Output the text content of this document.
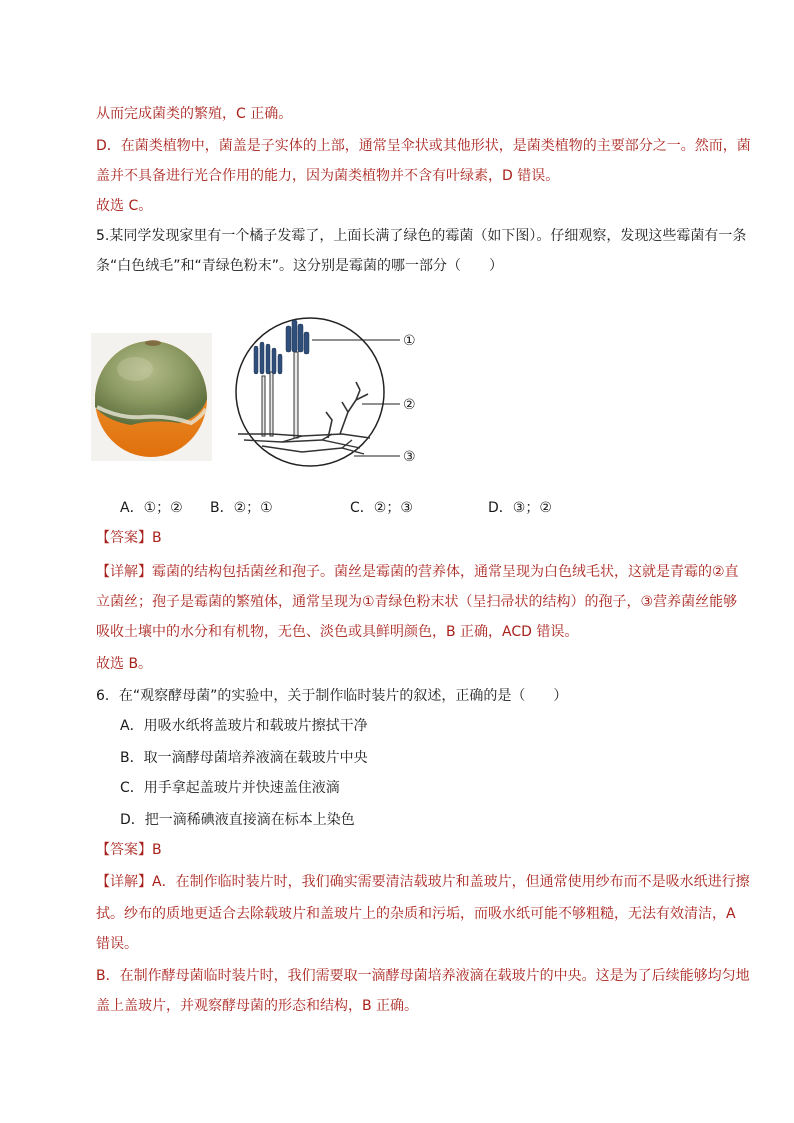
从而完成菌类的繁殖，C 正确。
D．在菌类植物中，菌盖是子实体的上部，通常呈伞状或其他形状，是菌类植物的主要部分之一。然而，菌
盖并不具备进行光合作用的能力，因为菌类植物并不含有叶绿素，D 错误。
故选 C。
5.某同学发现家里有一个橘子发霉了，上面长满了绿色的霉菌（如下图）。仔细观察，发现这些霉菌有一条
条“白色绒毛”和“青绿色粉末”。这分别是霉菌的哪一部分（　　）
①
②
③
A．①；② B．②；①	C．②；③	D．③；②
【答案】B
【详解】霉菌的结构包括菌丝和孢子。菌丝是霉菌的营养体，通常呈现为白色绒毛状，这就是青霉的②直
立菌丝；孢子是霉菌的繁殖体，通常呈现为①青绿色粉末状（呈扫帚状的结构）的孢子，③营养菌丝能够
吸收土壤中的水分和有机物，无色、淡色或具鲜明颜色，B 正确，ACD 错误。
故选 B。
6．在“观察酵母菌”的实验中，关于制作临时装片的叙述，正确的是（　　）
A．用吸水纸将盖玻片和载玻片擦拭干净
B．取一滴酵母菌培养液滴在载玻片中央
C．用手拿起盖玻片并快速盖住液滴
D．把一滴稀碘液直接滴在标本上染色
【答案】B
【详解】A．在制作临时装片时，我们确实需要清洁载玻片和盖玻片，但通常使用纱布而不是吸水纸进行擦
拭。纱布的质地更适合去除载玻片和盖玻片上的杂质和污垢，而吸水纸可能不够粗糙，无法有效清洁，A
错误。
B．在制作酵母菌临时装片时，我们需要取一滴酵母菌培养液滴在载玻片的中央。这是为了后续能够均匀地
盖上盖玻片，并观察酵母菌的形态和结构，B 正确。
